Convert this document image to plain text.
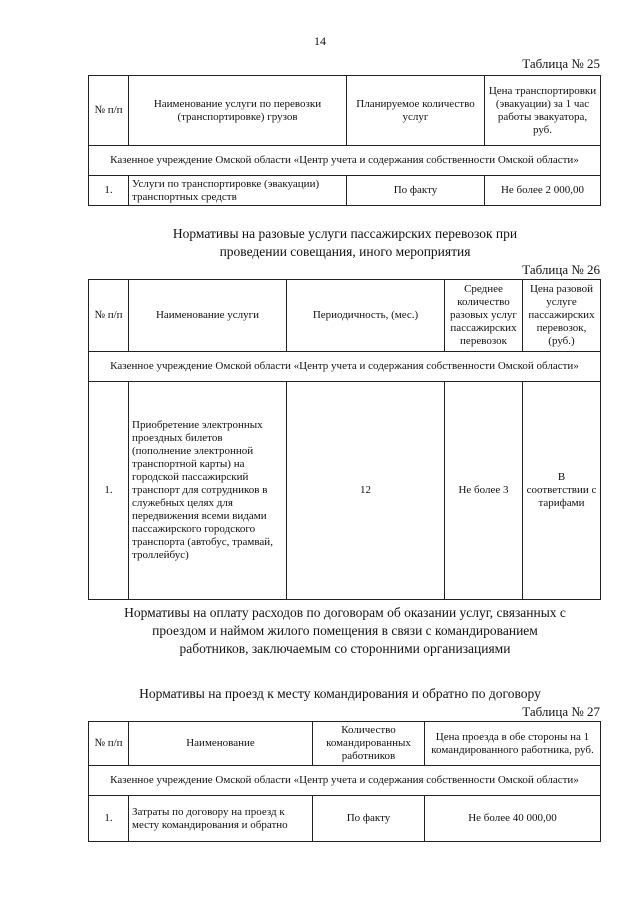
14
Таблица № 25
№ п/п	Наименование услуги по перевозки (транспортировке) грузов	Планируемое количество услуг	Цена транспортировки (эвакуации) за 1 час работы эвакуатора, руб.
Казенное учреждение Омской области «Центр учета и содержания собственности Омской области»			
1.	Услуги по транспортировке (эвакуации) транспортных средств	По факту	Не более 2 000,00
Нормативы на разовые услуги пассажирских перевозок при проведении совещания, иного мероприятия
Таблица № 26
№ п/п	Наименование услуги	Периодичность, (мес.)	Среднее количество разовых услуг пассажирских перевозок	Цена разовой услуге пассажирских перевозок, (руб.)
Казенное учреждение Омской области «Центр учета и содержания собственности Омской области»				
1.	Приобретение электронных проездных билетов (пополнение электронной транспортной карты) на городской пассажирский транспорт для сотрудников в служебных целях для передвижения всеми видами пассажирского городского транспорта (автобус, трамвай, троллейбус)	12	Не более 3	В соответствии с тарифами
Нормативы на оплату расходов по договорам об оказании услуг, связанных с проездом и наймом жилого помещения в связи с командированием работников, заключаемым со сторонними организациями
Нормативы на проезд к месту командирования и обратно по договору
Таблица № 27
№ п/п	Наименование	Количество командированных работников	Цена проезда в обе стороны на 1 командированного работника, руб.
Казенное учреждение Омской области «Центр учета и содержания собственности Омской области»			
1.	Затраты по договору на проезд к месту командирования и обратно	По факту	Не более 40 000,00
